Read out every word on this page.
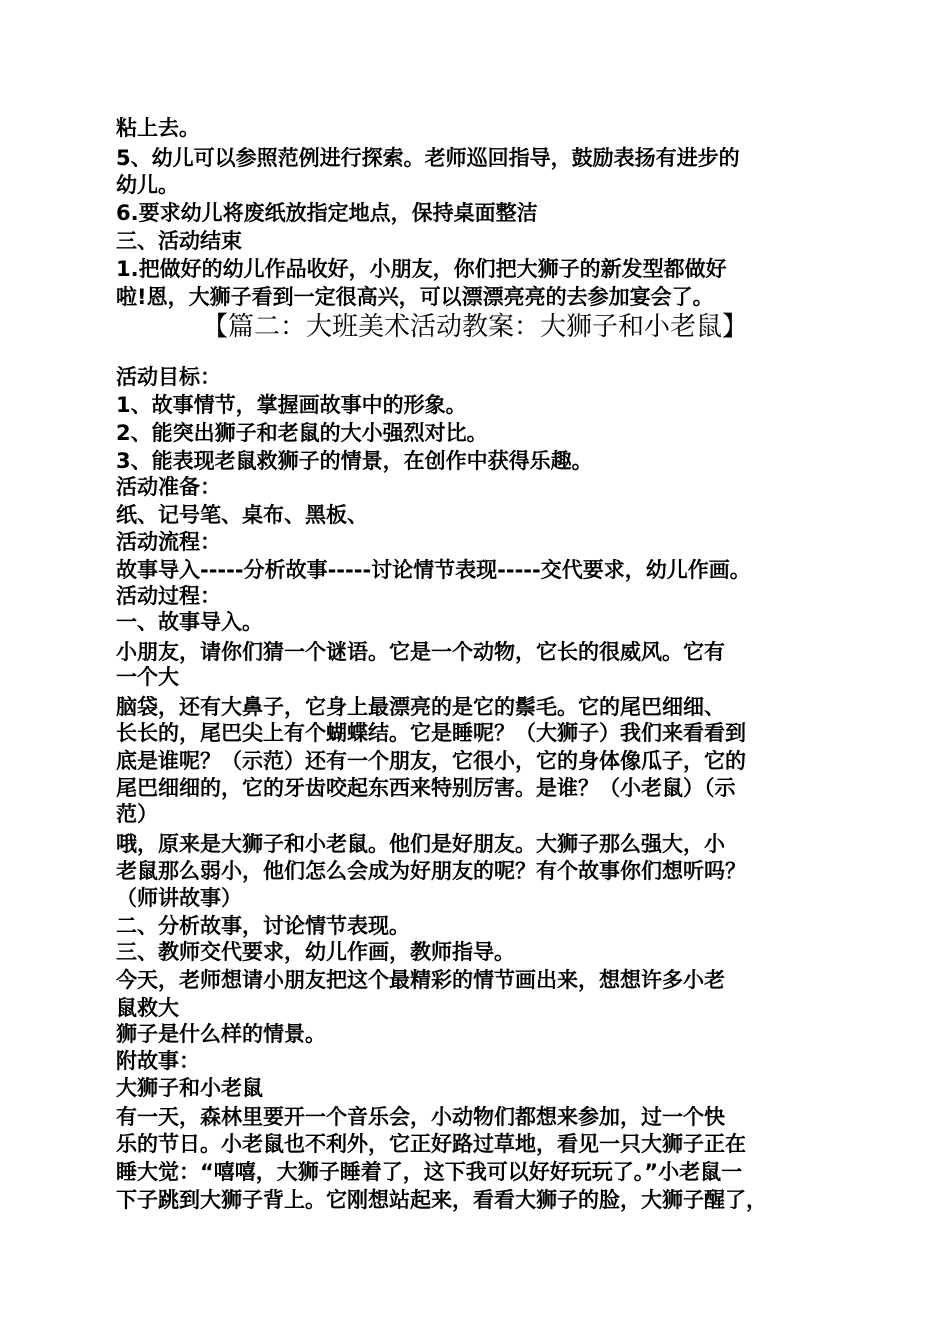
粘上去。
5、幼儿可以参照范例进行探索。老师巡回指导，鼓励表扬有进步的
幼儿。
6.要求幼儿将废纸放指定地点，保持桌面整洁
三、活动结束
1.把做好的幼儿作品收好，小朋友，你们把大狮子的新发型都做好
啦!恩，大狮子看到一定很高兴，可以漂漂亮亮的去参加宴会了。
【篇二：大班美术活动教案：大狮子和小老鼠】
活动目标：
1、故事情节，掌握画故事中的形象。
2、能突出狮子和老鼠的大小强烈对比。
3、能表现老鼠救狮子的情景，在创作中获得乐趣。
活动准备：
纸、记号笔、桌布、黑板、
活动流程：
故事导入-----分析故事-----讨论情节表现-----交代要求，幼儿作画。
活动过程：
一、故事导入。
小朋友，请你们猜一个谜语。它是一个动物，它长的很威风。它有
一个大
脑袋，还有大鼻子，它身上最漂亮的是它的鬃毛。它的尾巴细细、
长长的，尾巴尖上有个蝴蝶结。它是睡呢？（大狮子）我们来看看到
底是谁呢？（示范）还有一个朋友，它很小，它的身体像瓜子，它的
尾巴细细的，它的牙齿咬起东西来特别厉害。是谁？（小老鼠）（示
范）
哦，原来是大狮子和小老鼠。他们是好朋友。大狮子那么强大，小
老鼠那么弱小，他们怎么会成为好朋友的呢？有个故事你们想听吗？
（师讲故事）
二、分析故事，讨论情节表现。
三、教师交代要求，幼儿作画，教师指导。
今天，老师想请小朋友把这个最精彩的情节画出来，想想许多小老
鼠救大
狮子是什么样的情景。
附故事：
大狮子和小老鼠
有一天，森林里要开一个音乐会，小动物们都想来参加，过一个快
乐的节日。小老鼠也不利外，它正好路过草地，看见一只大狮子正在
睡大觉：“嘻嘻，大狮子睡着了，这下我可以好好玩玩了。”小老鼠一
下子跳到大狮子背上。它刚想站起来，看看大狮子的脸，大狮子醒了，
